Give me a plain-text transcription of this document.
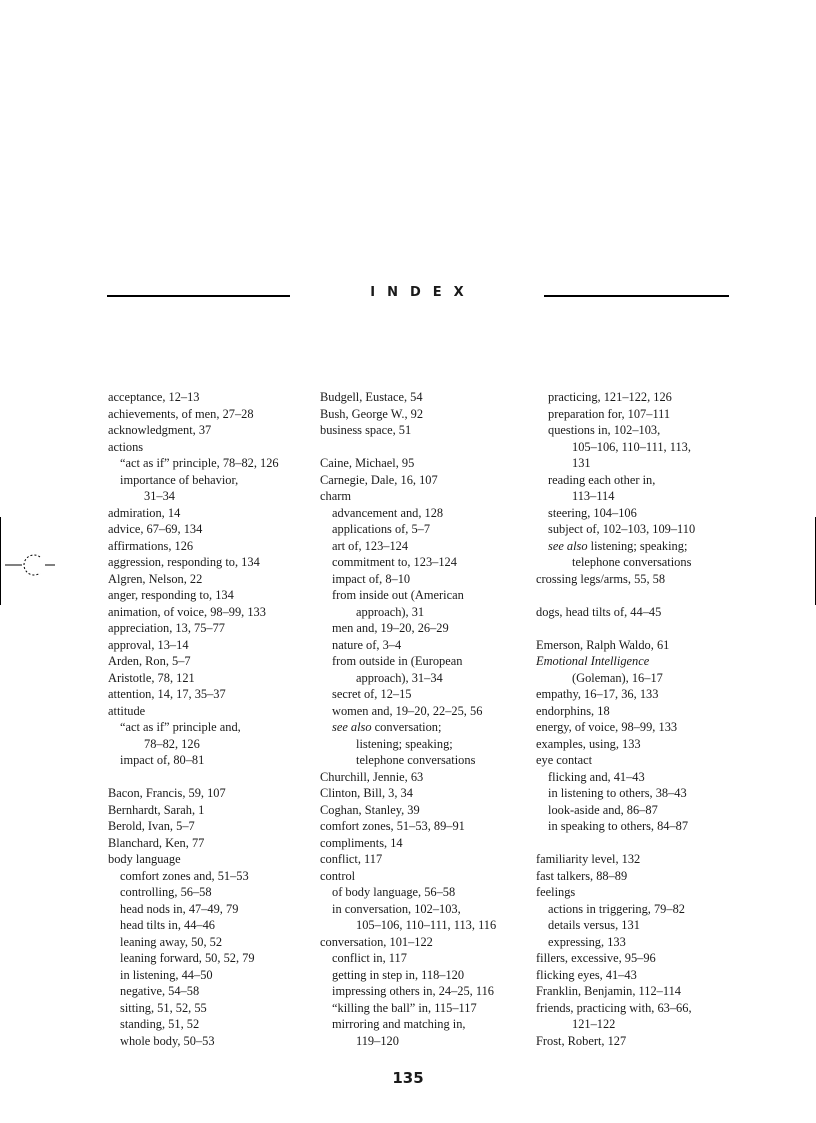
INDEX
acceptance, 12–13
achievements, of men, 27–28
acknowledgment, 37
actions
“act as if” principle, 78–82, 126
importance of behavior,
31–34
admiration, 14
advice, 67–69, 134
affirmations, 126
aggression, responding to, 134
Algren, Nelson, 22
anger, responding to, 134
animation, of voice, 98–99, 133
appreciation, 13, 75–77
approval, 13–14
Arden, Ron, 5–7
Aristotle, 78, 121
attention, 14, 17, 35–37
attitude
“act as if” principle and,
78–82, 126
impact of, 80–81
Bacon, Francis, 59, 107
Bernhardt, Sarah, 1
Berold, Ivan, 5–7
Blanchard, Ken, 77
body language
comfort zones and, 51–53
controlling, 56–58
head nods in, 47–49, 79
head tilts in, 44–46
leaning away, 50, 52
leaning forward, 50, 52, 79
in listening, 44–50
negative, 54–58
sitting, 51, 52, 55
standing, 51, 52
whole body, 50–53
Budgell, Eustace, 54
Bush, George W., 92
business space, 51
Caine, Michael, 95
Carnegie, Dale, 16, 107
charm
advancement and, 128
applications of, 5–7
art of, 123–124
commitment to, 123–124
impact of, 8–10
from inside out (American
approach), 31
men and, 19–20, 26–29
nature of, 3–4
from outside in (European
approach), 31–34
secret of, 12–15
women and, 19–20, 22–25, 56
see also conversation;
listening; speaking;
telephone conversations
Churchill, Jennie, 63
Clinton, Bill, 3, 34
Coghan, Stanley, 39
comfort zones, 51–53, 89–91
compliments, 14
conflict, 117
control
of body language, 56–58
in conversation, 102–103,
105–106, 110–111, 113, 116
conversation, 101–122
conflict in, 117
getting in step in, 118–120
impressing others in, 24–25, 116
“killing the ball” in, 115–117
mirroring and matching in,
119–120
practicing, 121–122, 126
preparation for, 107–111
questions in, 102–103,
105–106, 110–111, 113,
131
reading each other in,
113–114
steering, 104–106
subject of, 102–103, 109–110
see also listening; speaking;
telephone conversations
crossing legs/arms, 55, 58
dogs, head tilts of, 44–45
Emerson, Ralph Waldo, 61
Emotional Intelligence
(Goleman), 16–17
empathy, 16–17, 36, 133
endorphins, 18
energy, of voice, 98–99, 133
examples, using, 133
eye contact
flicking and, 41–43
in listening to others, 38–43
look-aside and, 86–87
in speaking to others, 84–87
familiarity level, 132
fast talkers, 88–89
feelings
actions in triggering, 79–82
details versus, 131
expressing, 133
fillers, excessive, 95–96
flicking eyes, 41–43
Franklin, Benjamin, 112–114
friends, practicing with, 63–66,
121–122
Frost, Robert, 127
135
